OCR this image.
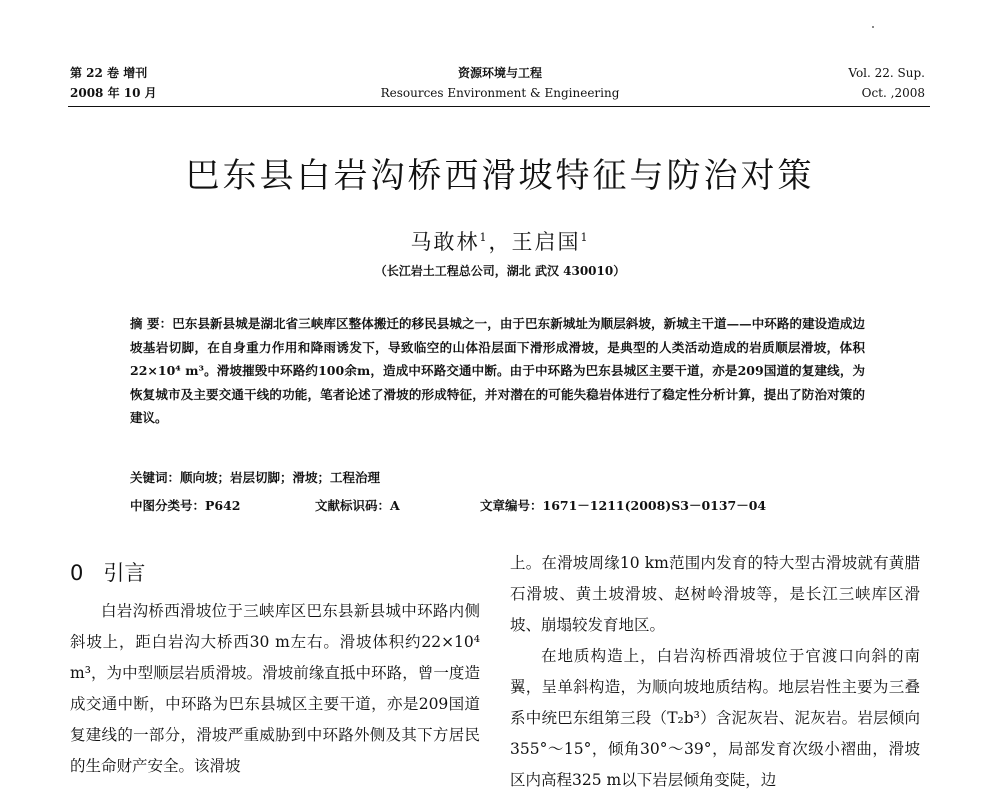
第 22 卷 增刊
2008 年 10 月
资源环境与工程
Resources Environment & Engineering
Vol. 22. Sup.
Oct. ,2008
巴东县白岩沟桥西滑坡特征与防治对策
马敢林$^1$，王启国$^1$
（长江岩土工程总公司，湖北 武汉 430010）
摘 要：巴东县新县城是湖北省三峡库区整体搬迁的移民县城之一，由于巴东新城址为顺层斜坡，新城主干道——中环路的建设造成边坡基岩切脚，在自身重力作用和降雨诱发下，导致临空的山体沿层面下滑形成滑坡，是典型的人类活动造成的岩质顺层滑坡，体积22×10⁴ m³。滑坡摧毁中环路约100余m，造成中环路交通中断。由于中环路为巴东县城区主要干道，亦是209国道的复建线，为恢复城市及主要交通干线的功能，笔者论述了滑坡的形成特征，并对潜在的可能失稳岩体进行了稳定性分析计算，提出了防治对策的建议。
关键词：顺向坡；岩层切脚；滑坡；工程治理
中图分类号：P642	文献标识码：A	文章编号：1671－1211(2008)S3－0137－04
0 引言

白岩沟桥西滑坡位于三峡库区巴东县新县城中环路内侧斜坡上，距白岩沟大桥西30 m左右。滑坡体积约22×10⁴ m³，为中型顺层岩质滑坡。滑坡前缘直抵中环路，曾一度造成交通中断，中环路为巴东县城区主要干道，亦是209国道复建线的一部分，滑坡严重威胁到中环路外侧及其下方居民的生命财产安全。该滑坡

上。在滑坡周缘10 km范围内发育的特大型古滑坡就有黄腊石滑坡、黄土坡滑坡、赵树岭滑坡等，是长江三峡库区滑坡、崩塌较发育地区。

在地质构造上，白岩沟桥西滑坡位于官渡口向斜的南翼，呈单斜构造，为顺向坡地质结构。地层岩性主要为三叠系中统巴东组第三段（T₂b³）含泥灰岩、泥灰岩。岩层倾向355°～15°，倾角30°～39°，局部发育次级小褶曲，滑坡区内高程325 m以下岩层倾角变陡，边
